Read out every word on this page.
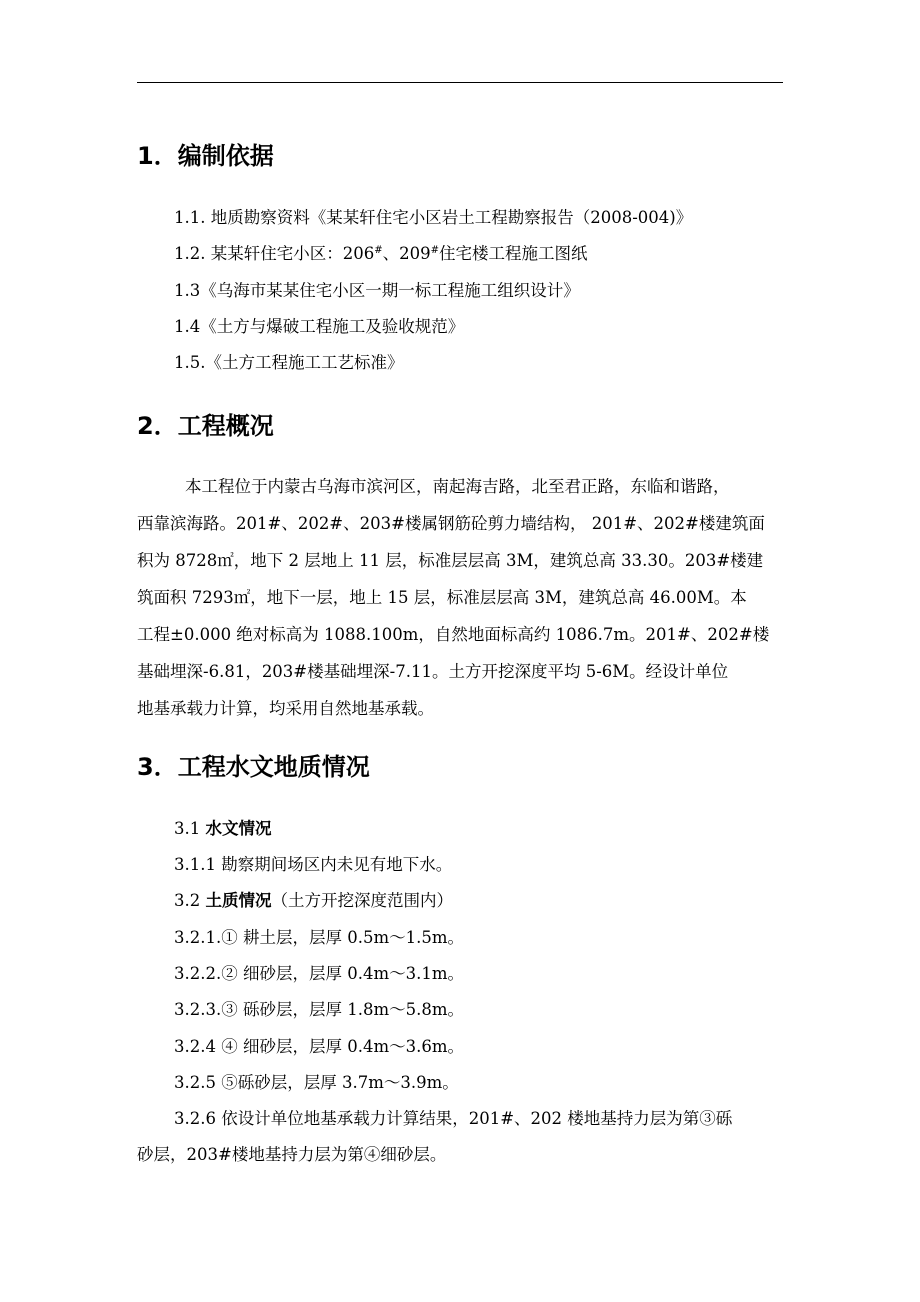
1．编制依据
1.1. 地质勘察资料《某某轩住宅小区岩土工程勘察报告（2008-004)》
1.2. 某某轩住宅小区：206#、209#住宅楼工程施工图纸
1.3《乌海市某某住宅小区一期一标工程施工组织设计》
1.4《土方与爆破工程施工及验收规范》
1.5.《土方工程施工工艺标准》
2．工程概况
本工程位于内蒙古乌海市滨河区，南起海吉路，北至君正路，东临和谐路，
西靠滨海路。201#、202#、203#楼属钢筋砼剪力墙结构， 201#、202#楼建筑面
积为 8728㎡，地下 2 层地上 11 层，标准层层高 3M，建筑总高 33.30。203#楼建
筑面积 7293㎡，地下一层，地上 15 层，标准层层高 3M，建筑总高 46.00M。本
工程±0.000 绝对标高为 1088.100m，自然地面标高约 1086.7m。201#、202#楼
基础埋深-6.81，203#楼基础埋深-7.11。土方开挖深度平均 5-6M。经设计单位
地基承载力计算，均采用自然地基承载。
3．工程水文地质情况
3.1 水文情况
3.1.1 勘察期间场区内未见有地下水。
3.2 土质情况（土方开挖深度范围内）
3.2.1.① 耕土层，层厚 0.5m～1.5m。
3.2.2.② 细砂层，层厚 0.4m～3.1m。
3.2.3.③ 砾砂层，层厚 1.8m～5.8m。
3.2.4 ④ 细砂层，层厚 0.4m～3.6m。
3.2.5 ⑤砾砂层，层厚 3.7m～3.9m。
3.2.6 依设计单位地基承载力计算结果，201#、202 楼地基持力层为第③砾
砂层，203#楼地基持力层为第④细砂层。
